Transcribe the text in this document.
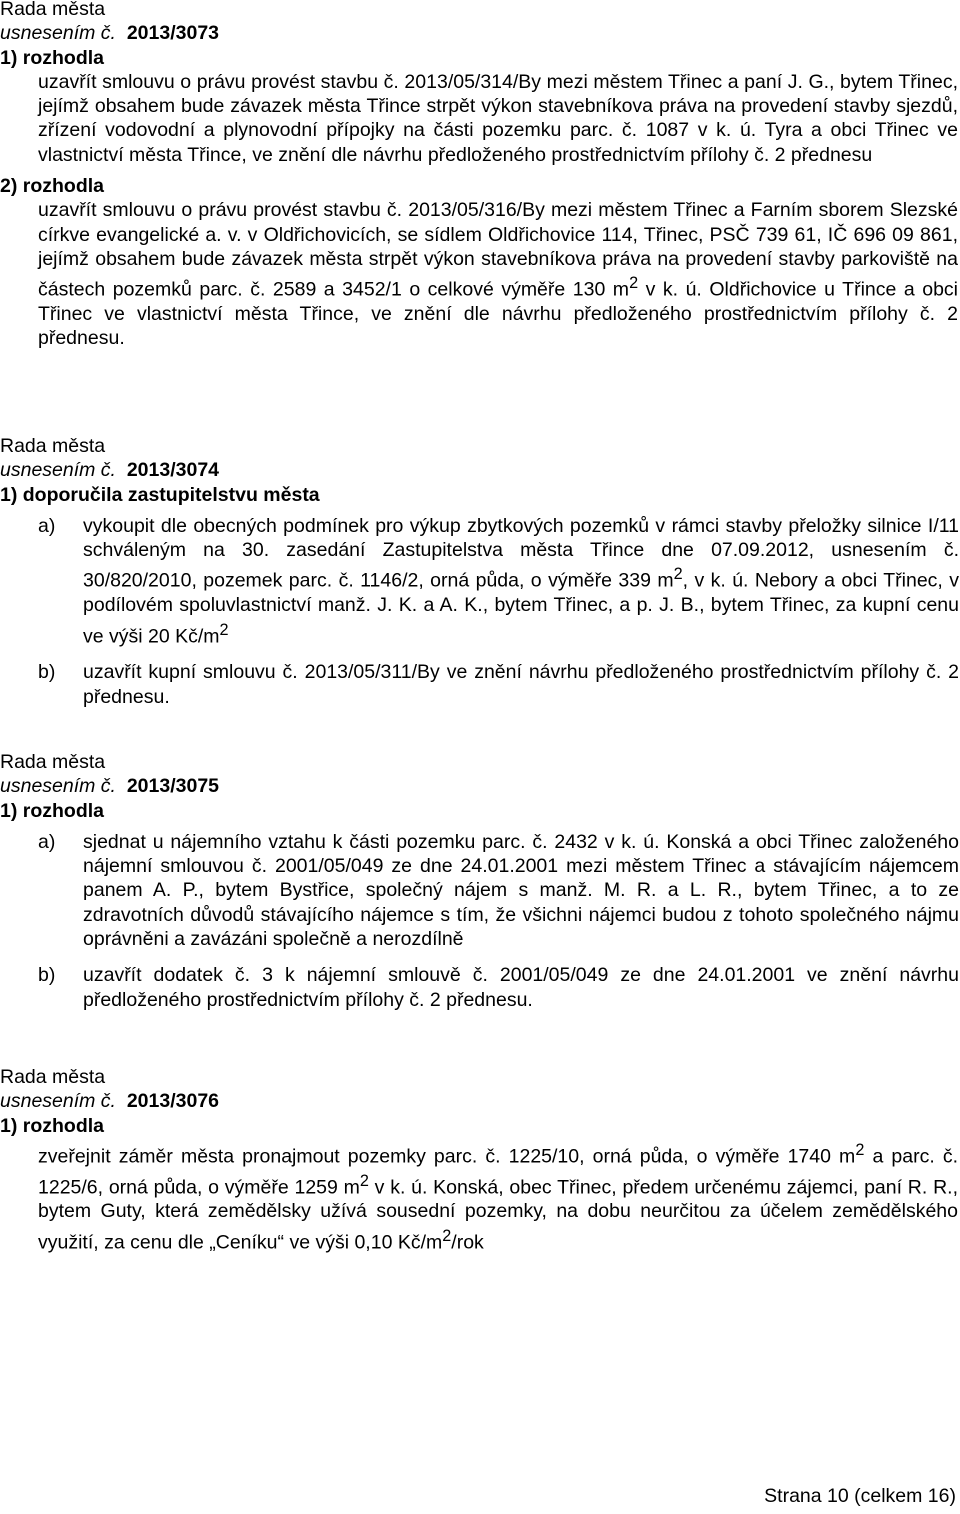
Rada města
usnesením č. 2013/3073
1) rozhodla
uzavřít smlouvu o právu provést stavbu č. 2013/05/314/By mezi městem Třinec a paní J. G., bytem Třinec, jejímž obsahem bude závazek města Třince strpět výkon stavebníkova práva na provedení stavby sjezdů, zřízení vodovodní a plynovodní přípojky na části pozemku parc. č. 1087 v k. ú. Tyra a obci Třinec ve vlastnictví města Třince, ve znění dle návrhu předloženého prostřednictvím přílohy č. 2 přednesu
2) rozhodla
uzavřít smlouvu o právu provést stavbu č. 2013/05/316/By mezi městem Třinec a Farním sborem Slezské církve evangelické a. v. v Oldřichovicích, se sídlem Oldřichovice 114, Třinec, PSČ 739 61, IČ 696 09 861, jejímž obsahem bude závazek města strpět výkon stavebníkova práva na provedení stavby parkoviště na částech pozemků parc. č. 2589 a 3452/1 o celkové výměře 130 $m^2$ v k. ú. Oldřichovice u Třince a obci Třinec ve vlastnictví města Třince, ve znění dle návrhu předloženého prostřednictvím přílohy č. 2 přednesu.
Rada města
usnesením č. 2013/3074
1) doporučila zastupitelstvu města
a)	vykoupit dle obecných podmínek pro výkup zbytkových pozemků v rámci stavby přeložky silnice I/11 schváleným na 30. zasedání Zastupitelstva města Třince dne 07.09.2012, usnesením č. 30/820/2010, pozemek parc. č. 1146/2, orná půda, o výměře 339 $m^2$, v k. ú. Nebory a obci Třinec, v podílovém spoluvlastnictví manž. J. K. a A. K., bytem Třinec, a p. J. B., bytem Třinec, za kupní cenu ve výši 20 $Kč/m^2$
b)	uzavřít kupní smlouvu č. 2013/05/311/By ve znění návrhu předloženého prostřednictvím přílohy č. 2 přednesu.
Rada města
usnesením č. 2013/3075
1) rozhodla
a)	sjednat u nájemního vztahu k části pozemku parc. č. 2432 v k. ú. Konská a obci Třinec založeného nájemní smlouvou č. 2001/05/049 ze dne 24.01.2001 mezi městem Třinec a stávajícím nájemcem panem A. P., bytem Bystřice, společný nájem s manž. M. R. a L. R., bytem Třinec, a to ze zdravotních důvodů stávajícího nájemce s tím, že všichni nájemci budou z tohoto společného nájmu oprávněni a zavázáni společně a nerozdílně
b)	uzavřít dodatek č. 3 k nájemní smlouvě č. 2001/05/049 ze dne 24.01.2001 ve znění návrhu předloženého prostřednictvím přílohy č. 2 přednesu.
Rada města
usnesením č. 2013/3076
1) rozhodla
zveřejnit záměr města pronajmout pozemky parc. č. 1225/10, orná půda, o výměře 1740 $m^2$ a parc. č. 1225/6, orná půda, o výměře 1259 $m^2$ v k. ú. Konská, obec Třinec, předem určenému zájemci, paní R. R., bytem Guty, která zemědělsky užívá sousední pozemky, na dobu neurčitou za účelem zemědělského využití, za cenu dle „Ceníku“ ve výši 0,10 $Kč/m^2$/rok
Strana 10 (celkem 16)
